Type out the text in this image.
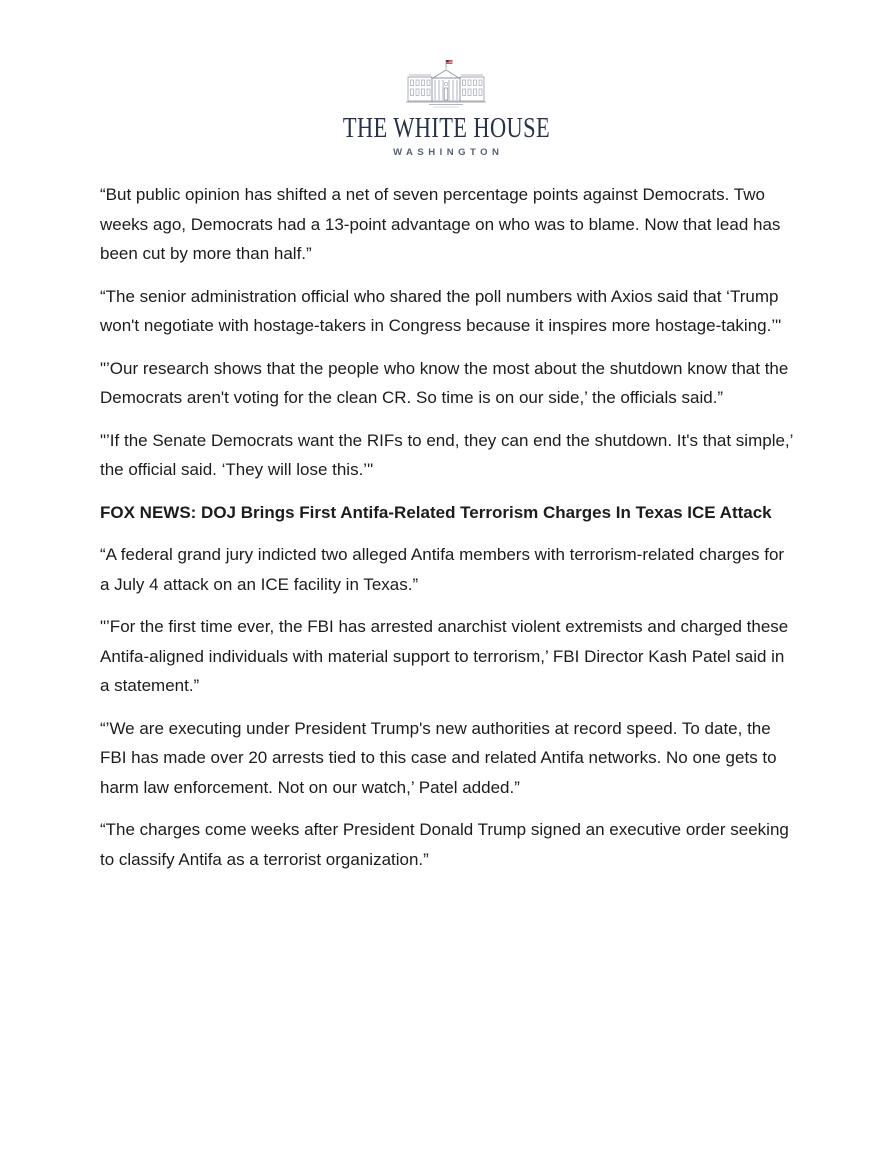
THE WHITE HOUSE
WASHINGTON

“But public opinion has shifted a net of seven percentage points against Democrats. Two weeks ago, Democrats had a 13-point advantage on who was to blame. Now that lead has been cut by more than half.”

“The senior administration official who shared the poll numbers with Axios said that ‘Trump won't negotiate with hostage-takers in Congress because it inspires more hostage-taking.’"

"’Our research shows that the people who know the most about the shutdown know that the Democrats aren't voting for the clean CR. So time is on our side,’ the officials said.”

"’If the Senate Democrats want the RIFs to end, they can end the shutdown. It's that simple,’ the official said. ‘They will lose this.’"

FOX NEWS: DOJ Brings First Antifa-Related Terrorism Charges In Texas ICE Attack

“A federal grand jury indicted two alleged Antifa members with terrorism-related charges for a July 4 attack on an ICE facility in Texas.”

"’For the first time ever, the FBI has arrested anarchist violent extremists and charged these Antifa-aligned individuals with material support to terrorism,’ FBI Director Kash Patel said in a statement.”

“’We are executing under President Trump's new authorities at record speed. To date, the FBI has made over 20 arrests tied to this case and related Antifa networks. No one gets to harm law enforcement. Not on our watch,’ Patel added.”

“The charges come weeks after President Donald Trump signed an executive order seeking to classify Antifa as a terrorist organization.”
